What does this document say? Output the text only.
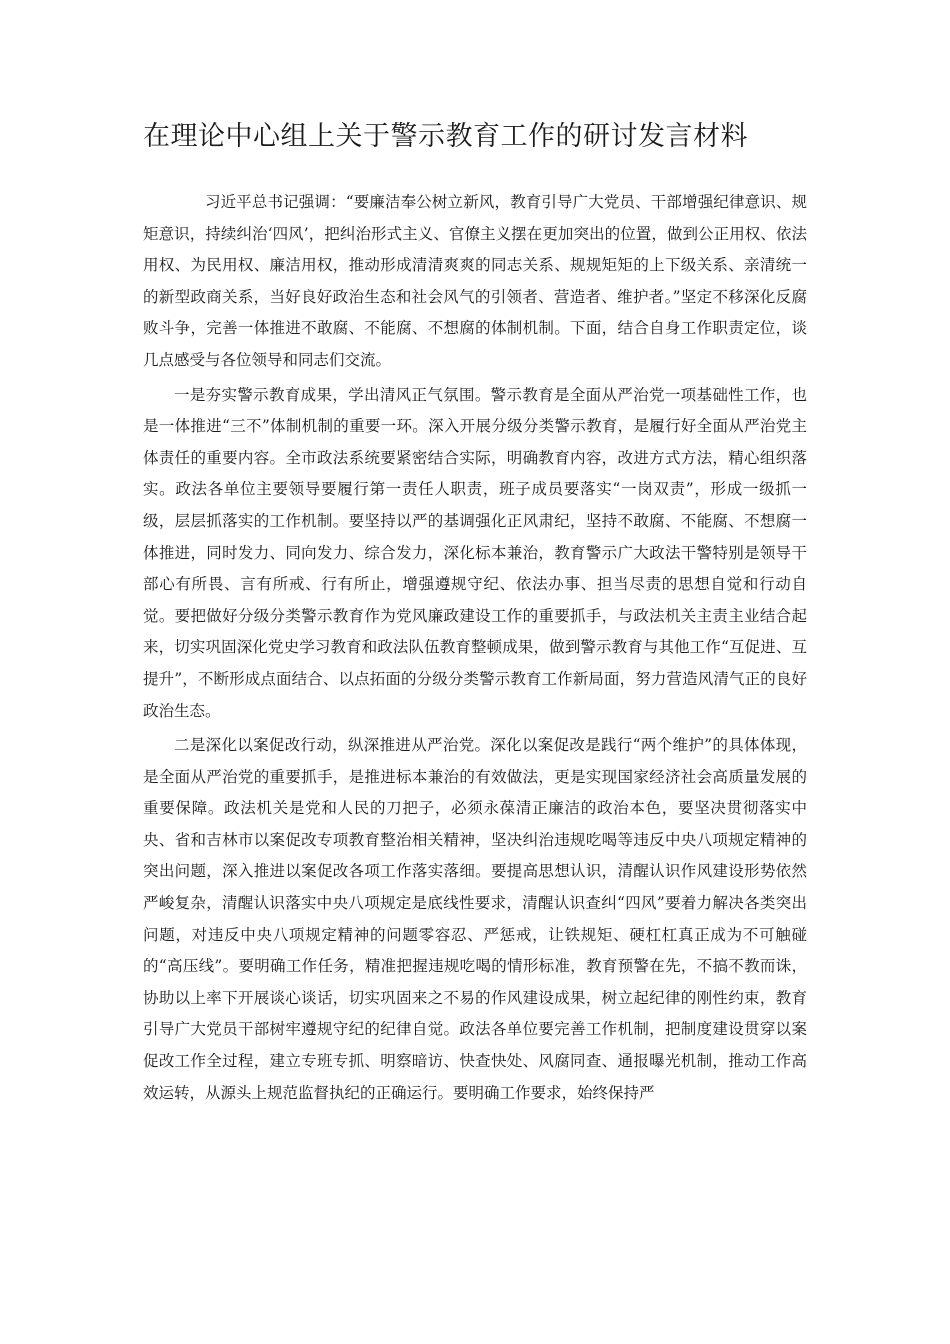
在理论中心组上关于警示教育工作的研讨发言材料

习近平总书记强调：“要廉洁奉公树立新风，教育引导广大党员、干部增强纪律意识、规矩意识，持续纠治‘四风’，把纠治形式主义、官僚主义摆在更加突出的位置，做到公正用权、依法用权、为民用权、廉洁用权，推动形成清清爽爽的同志关系、规规矩矩的上下级关系、亲清统一的新型政商关系，当好良好政治生态和社会风气的引领者、营造者、维护者。”坚定不移深化反腐败斗争，完善一体推进不敢腐、不能腐、不想腐的体制机制。下面，结合自身工作职责定位，谈几点感受与各位领导和同志们交流。

一是夯实警示教育成果，学出清风正气氛围。警示教育是全面从严治党一项基础性工作，也是一体推进“三不”体制机制的重要一环。深入开展分级分类警示教育，是履行好全面从严治党主体责任的重要内容。全市政法系统要紧密结合实际，明确教育内容，改进方式方法，精心组织落实。政法各单位主要领导要履行第一责任人职责，班子成员要落实“一岗双责”，形成一级抓一级，层层抓落实的工作机制。要坚持以严的基调强化正风肃纪，坚持不敢腐、不能腐、不想腐一体推进，同时发力、同向发力、综合发力，深化标本兼治，教育警示广大政法干警特别是领导干部心有所畏、言有所戒、行有所止，增强遵规守纪、依法办事、担当尽责的思想自觉和行动自觉。要把做好分级分类警示教育作为党风廉政建设工作的重要抓手，与政法机关主责主业结合起来，切实巩固深化党史学习教育和政法队伍教育整顿成果，做到警示教育与其他工作“互促进、互提升”，不断形成点面结合、以点拓面的分级分类警示教育工作新局面，努力营造风清气正的良好政治生态。

二是深化以案促改行动，纵深推进从严治党。深化以案促改是践行“两个维护”的具体体现，是全面从严治党的重要抓手，是推进标本兼治的有效做法，更是实现国家经济社会高质量发展的重要保障。政法机关是党和人民的刀把子，必须永葆清正廉洁的政治本色，要坚决贯彻落实中央、省和吉林市以案促改专项教育整治相关精神，坚决纠治违规吃喝等违反中央八项规定精神的突出问题，深入推进以案促改各项工作落实落细。要提高思想认识，清醒认识作风建设形势依然严峻复杂，清醒认识落实中央八项规定是底线性要求，清醒认识查纠“四风”要着力解决各类突出问题，对违反中央八项规定精神的问题零容忍、严惩戒，让铁规矩、硬杠杠真正成为不可触碰的“高压线”。要明确工作任务，精准把握违规吃喝的情形标准，教育预警在先，不搞不教而诛，协助以上率下开展谈心谈话，切实巩固来之不易的作风建设成果，树立起纪律的刚性约束，教育引导广大党员干部树牢遵规守纪的纪律自觉。政法各单位要完善工作机制，把制度建设贯穿以案促改工作全过程，建立专班专抓、明察暗访、快查快处、风腐同查、通报曝光机制，推动工作高效运转，从源头上规范监督执纪的正确运行。要明确工作要求，始终保持严
